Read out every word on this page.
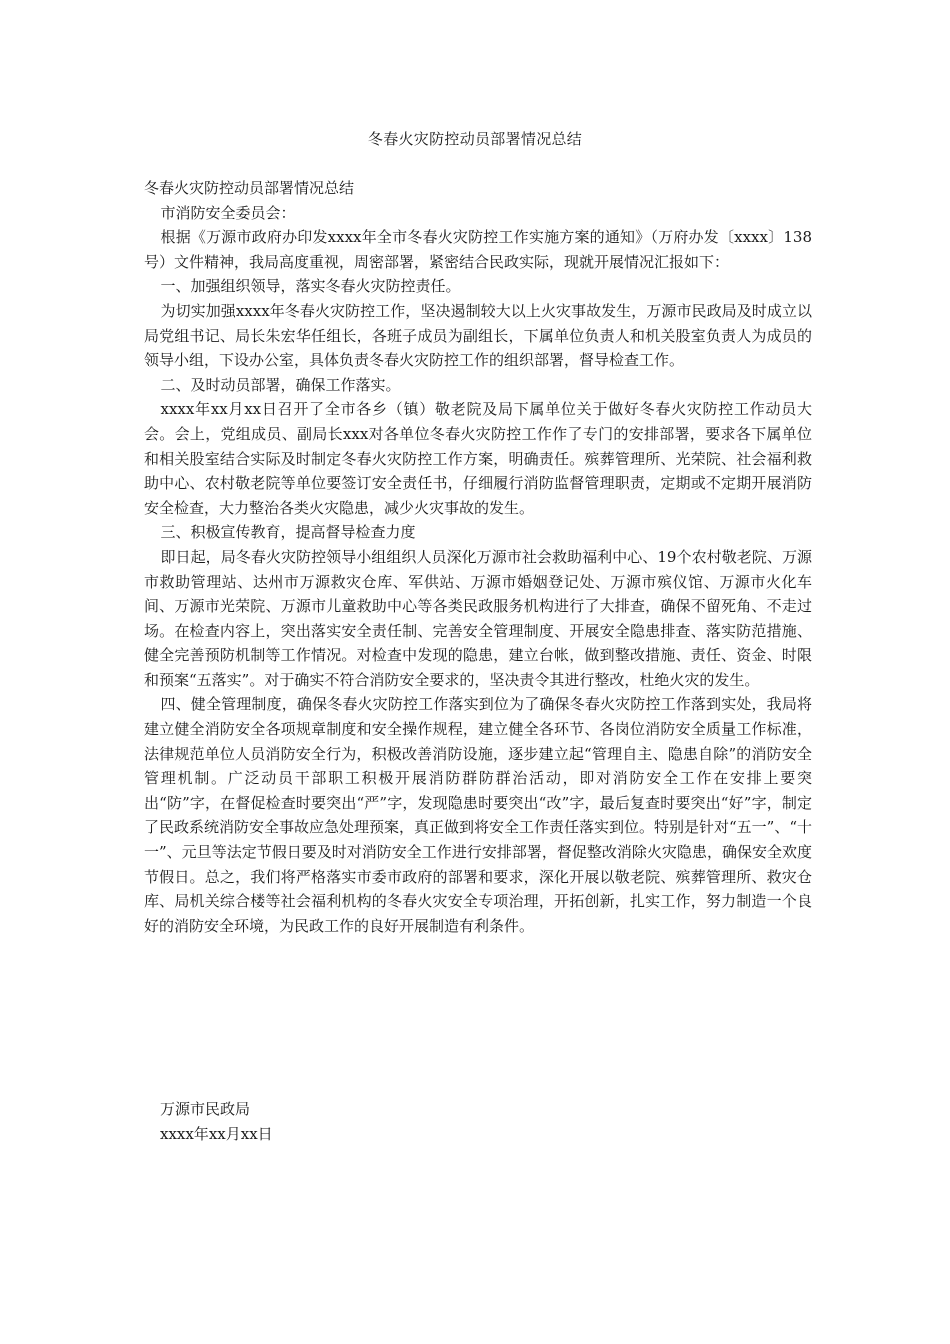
冬春火灾防控动员部署情况总结

冬春火灾防控动员部署情况总结

市消防安全委员会：

根据《万源市政府办印发xxxx年全市冬春火灾防控工作实施方案的通知》（万府办发〔xxxx〕138号）文件精神，我局高度重视，周密部署，紧密结合民政实际，现就开展情况汇报如下：

一、加强组织领导，落实冬春火灾防控责任。

为切实加强xxxx年冬春火灾防控工作，坚决遏制较大以上火灾事故发生，万源市民政局及时成立以局党组书记、局长朱宏华任组长，各班子成员为副组长，下属单位负责人和机关股室负责人为成员的领导小组，下设办公室，具体负责冬春火灾防控工作的组织部署，督导检查工作。

二、及时动员部署，确保工作落实。

xxxx年xx月xx日召开了全市各乡（镇）敬老院及局下属单位关于做好冬春火灾防控工作动员大会。会上，党组成员、副局长xxx对各单位冬春火灾防控工作作了专门的安排部署，要求各下属单位和相关股室结合实际及时制定冬春火灾防控工作方案，明确责任。殡葬管理所、光荣院、社会福利救助中心、农村敬老院等单位要签订安全责任书，仔细履行消防监督管理职责，定期或不定期开展消防安全检查，大力整治各类火灾隐患，减少火灾事故的发生。

三、积极宣传教育，提高督导检查力度

即日起，局冬春火灾防控领导小组组织人员深化万源市社会救助福利中心、19个农村敬老院、万源市救助管理站、达州市万源救灾仓库、军供站、万源市婚姻登记处、万源市殡仪馆、万源市火化车间、万源市光荣院、万源市儿童救助中心等各类民政服务机构进行了大排查，确保不留死角、不走过场。在检查内容上，突出落实安全责任制、完善安全管理制度、开展安全隐患排查、落实防范措施、健全完善预防机制等工作情况。对检查中发现的隐患，建立台帐，做到整改措施、责任、资金、时限和预案“五落实”。对于确实不符合消防安全要求的，坚决责令其进行整改，杜绝火灾的发生。

四、健全管理制度，确保冬春火灾防控工作落实到位为了确保冬春火灾防控工作落到实处，我局将建立健全消防安全各项规章制度和安全操作规程，建立健全各环节、各岗位消防安全质量工作标准，法律规范单位人员消防安全行为，积极改善消防设施，逐步建立起“管理自主、隐患自除”的消防安全管理机制。广泛动员干部职工积极开展消防群防群治活动，即对消防安全工作在安排上要突出“防”字，在督促检查时要突出“严”字，发现隐患时要突出“改”字，最后复查时要突出“好”字，制定了民政系统消防安全事故应急处理预案，真正做到将安全工作责任落实到位。特别是针对“五一”、“十一”、元旦等法定节假日要及时对消防安全工作进行安排部署，督促整改消除火灾隐患，确保安全欢度节假日。总之，我们将严格落实市委市政府的部署和要求，深化开展以敬老院、殡葬管理所、救灾仓库、局机关综合楼等社会福利机构的冬春火灾安全专项治理，开拓创新，扎实工作，努力制造一个良好的消防安全环境，为民政工作的良好开展制造有利条件。

万源市民政局
xxxx年xx月xx日
